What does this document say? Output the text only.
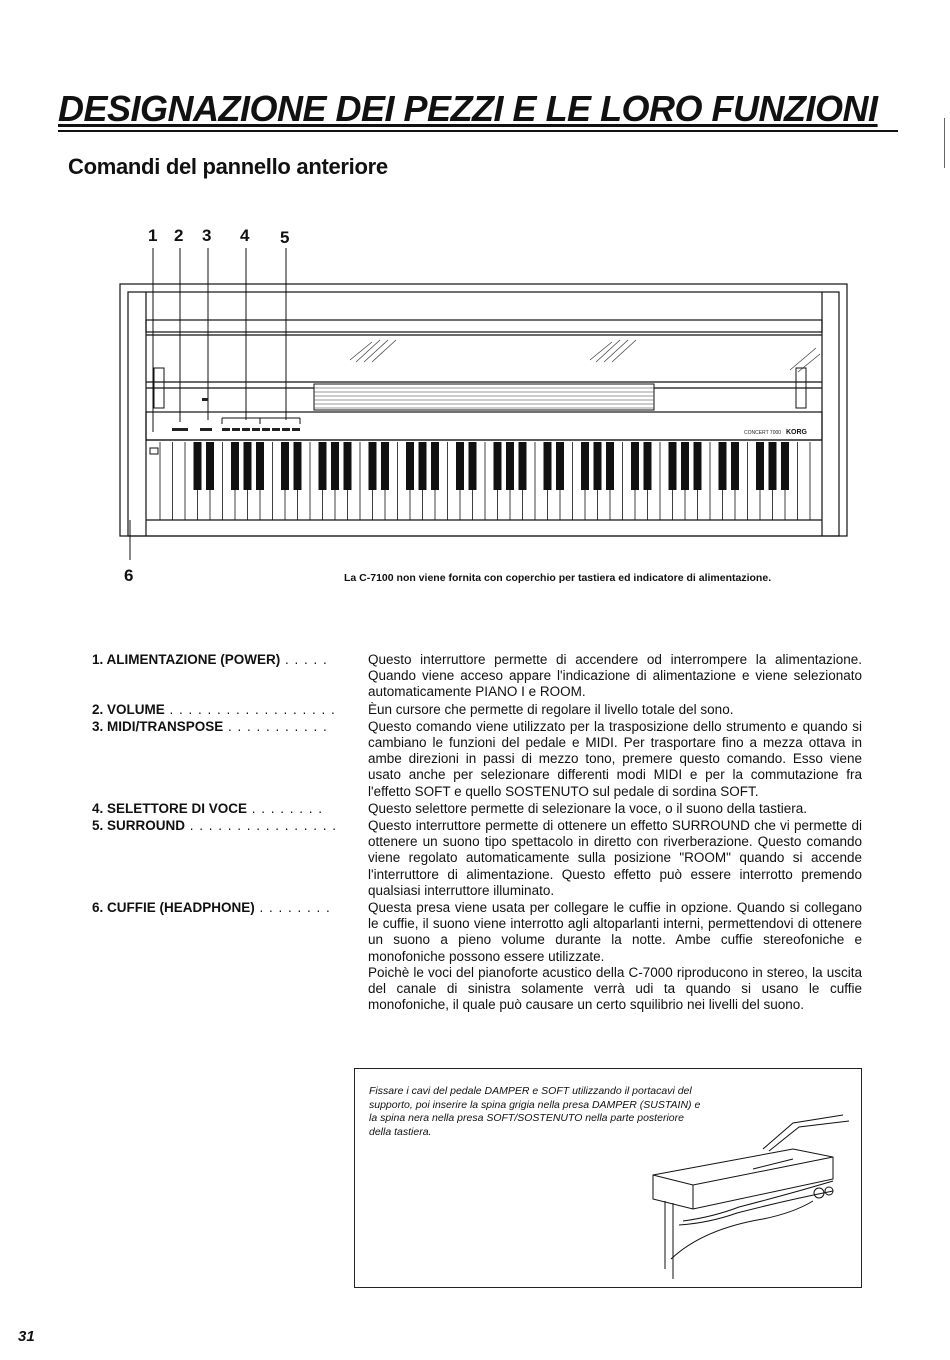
DESIGNAZIONE DEI PEZZI E LE LORO FUNZIONI
Comandi del pannello anteriore
1 2 3 4 5
6
CONCERT 7000 KORG
La C-7100 non viene fornita con coperchio per tastiera ed indicatore di alimentazione.
1. ALIMENTAZIONE (POWER) . . . . .	Questo interruttore permette di accendere od interrompere la alimentazione. Quando viene acceso appare l'indicazione di alimentazione e viene selezionato automaticamente PIANO I e ROOM.
2. VOLUME . . . . . . . . . . . . . . . . . .	Èun cursore che permette di regolare il livello totale del sono.
3. MIDI/TRANSPOSE . . . . . . . . . . .	Questo comando viene utilizzato per la trasposizione dello strumento e quando si cambiano le funzioni del pedale e MIDI. Per trasportare fino a mezza ottava in ambe direzioni in passi di mezzo tono, premere questo comando. Esso viene usato anche per selezionare differenti modi MIDI e per la commutazione fra l'effetto SOFT e quello SOSTENUTO sul pedale di sordina SOFT.
4. SELETTORE DI VOCE . . . . . . . .	Questo selettore permette di selezionare la voce, o il suono della tastiera.
5. SURROUND . . . . . . . . . . . . . . . .	Questo interruttore permette di ottenere un effetto SURROUND che vi permette di ottenere un suono tipo spettacolo in diretto con riverberazione. Questo comando viene regolato automaticamente sulla posizione "ROOM" quando si accende l'interruttore di alimentazione. Questo effetto può essere interrotto premendo qualsiasi interruttore illuminato.
6. CUFFIE (HEADPHONE) . . . . . . . .	Questa presa viene usata per collegare le cuffie in opzione. Quando si collegano le cuffie, il suono viene interrotto agli altoparlanti interni, permettendovi di ottenere un suono a pieno volume durante la notte. Ambe cuffie stereofoniche e monofoniche possono essere utilizzate.

Poichè le voci del pianoforte acustico della C-7000 riproducono in stereo, la uscita del canale di sinistra solamente verrà udi ta quando si usano le cuffie monofoniche, il quale può causare un certo squilibrio nei livelli del suono.

Fissare i cavi del pedale DAMPER e SOFT utilizzando il portacavi del supporto, poi inserire la spina grigia nella presa DAMPER (SUSTAIN) e la spina nera nella presa SOFT/SOSTENUTO nella parte posteriore della tastiera.
31
